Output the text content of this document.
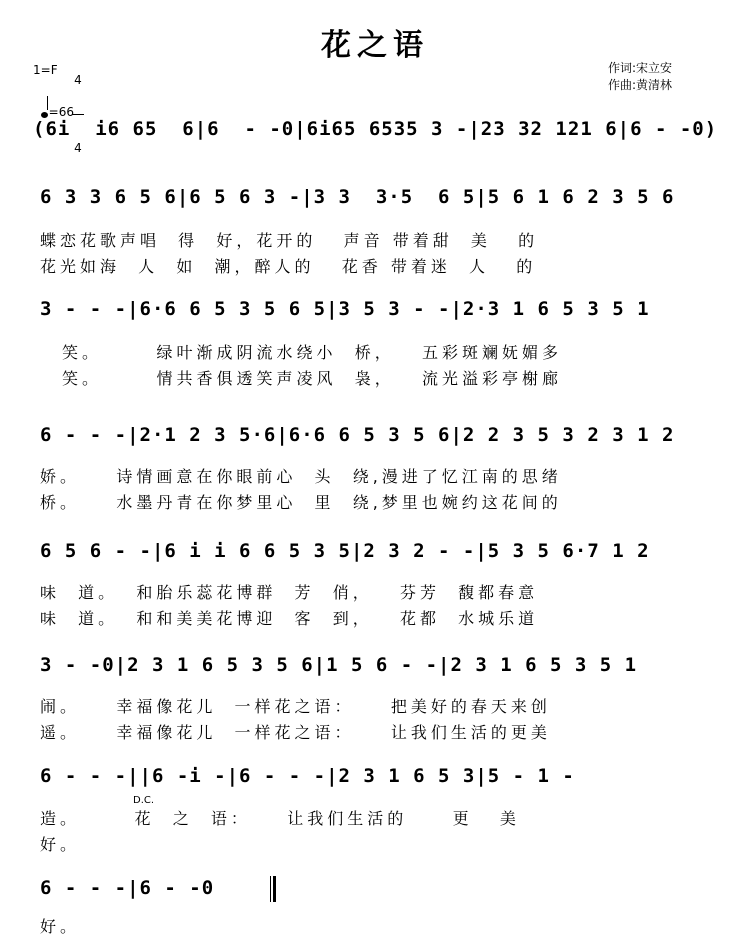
花之语
作词:宋立安
作曲:黄清林
1=F

4

4

=66

(6i  i6 65  6|6  - -0|6i65 6535 3 -|23 32 121 6|6 - -0)
6 3 3 6 5 6|6 5 6 3 -|3 3  3·5  6 5|5 6 1 6 2 3 5 6
蝶恋花歌声唱  得  好，花开的   声音 带着甜  美   的
花光如海  人  如  潮，醉人的   花香 带着迷  人   的
3 - - -|6·6 6 5 3 5 6 5|3 5 3 - -|2·3 1 6 5 3 5 1
笑。      绿叶渐成阴流水绕小  桥，   五彩斑斓妩媚多
笑。      情共香俱透笑声凌风  袅，   流光溢彩亭榭廊
6 - - -|2·1 2 3 5·6|6·6 6 5 3 5 6|2 2 3 5 3 2 3 1 2
娇。    诗情画意在你眼前心  头  绕,漫进了忆江南的思绪
桥。    水墨丹青在你梦里心  里  绕,梦里也婉约这花间的
6 5 6 - -|6 i i 6 6 5 3 5|2 3 2 - -|5 3 5 6·7 1 2
味  道。  和胎乐蕊花博群  芳  俏，   芬芳  馥都春意
味  道。  和和美美花博迎  客  到，   花都  水城乐道
3 - -0|2 3 1 6 5 3 5 6|1 5 6 - -|2 3 1 6 5 3 5 1
闹。    幸福像花儿  一样花之语：    把美好的春天来创
遥。    幸福像花儿  一样花之语：    让我们生活的更美
6 - - -||6 -i -|6 - - -|2 3 1 6 5 3|5 - 1 -
D.C.
造。      花  之  语：    让我们生活的     更   美
好。
6 - - -|6 - -0
好。
